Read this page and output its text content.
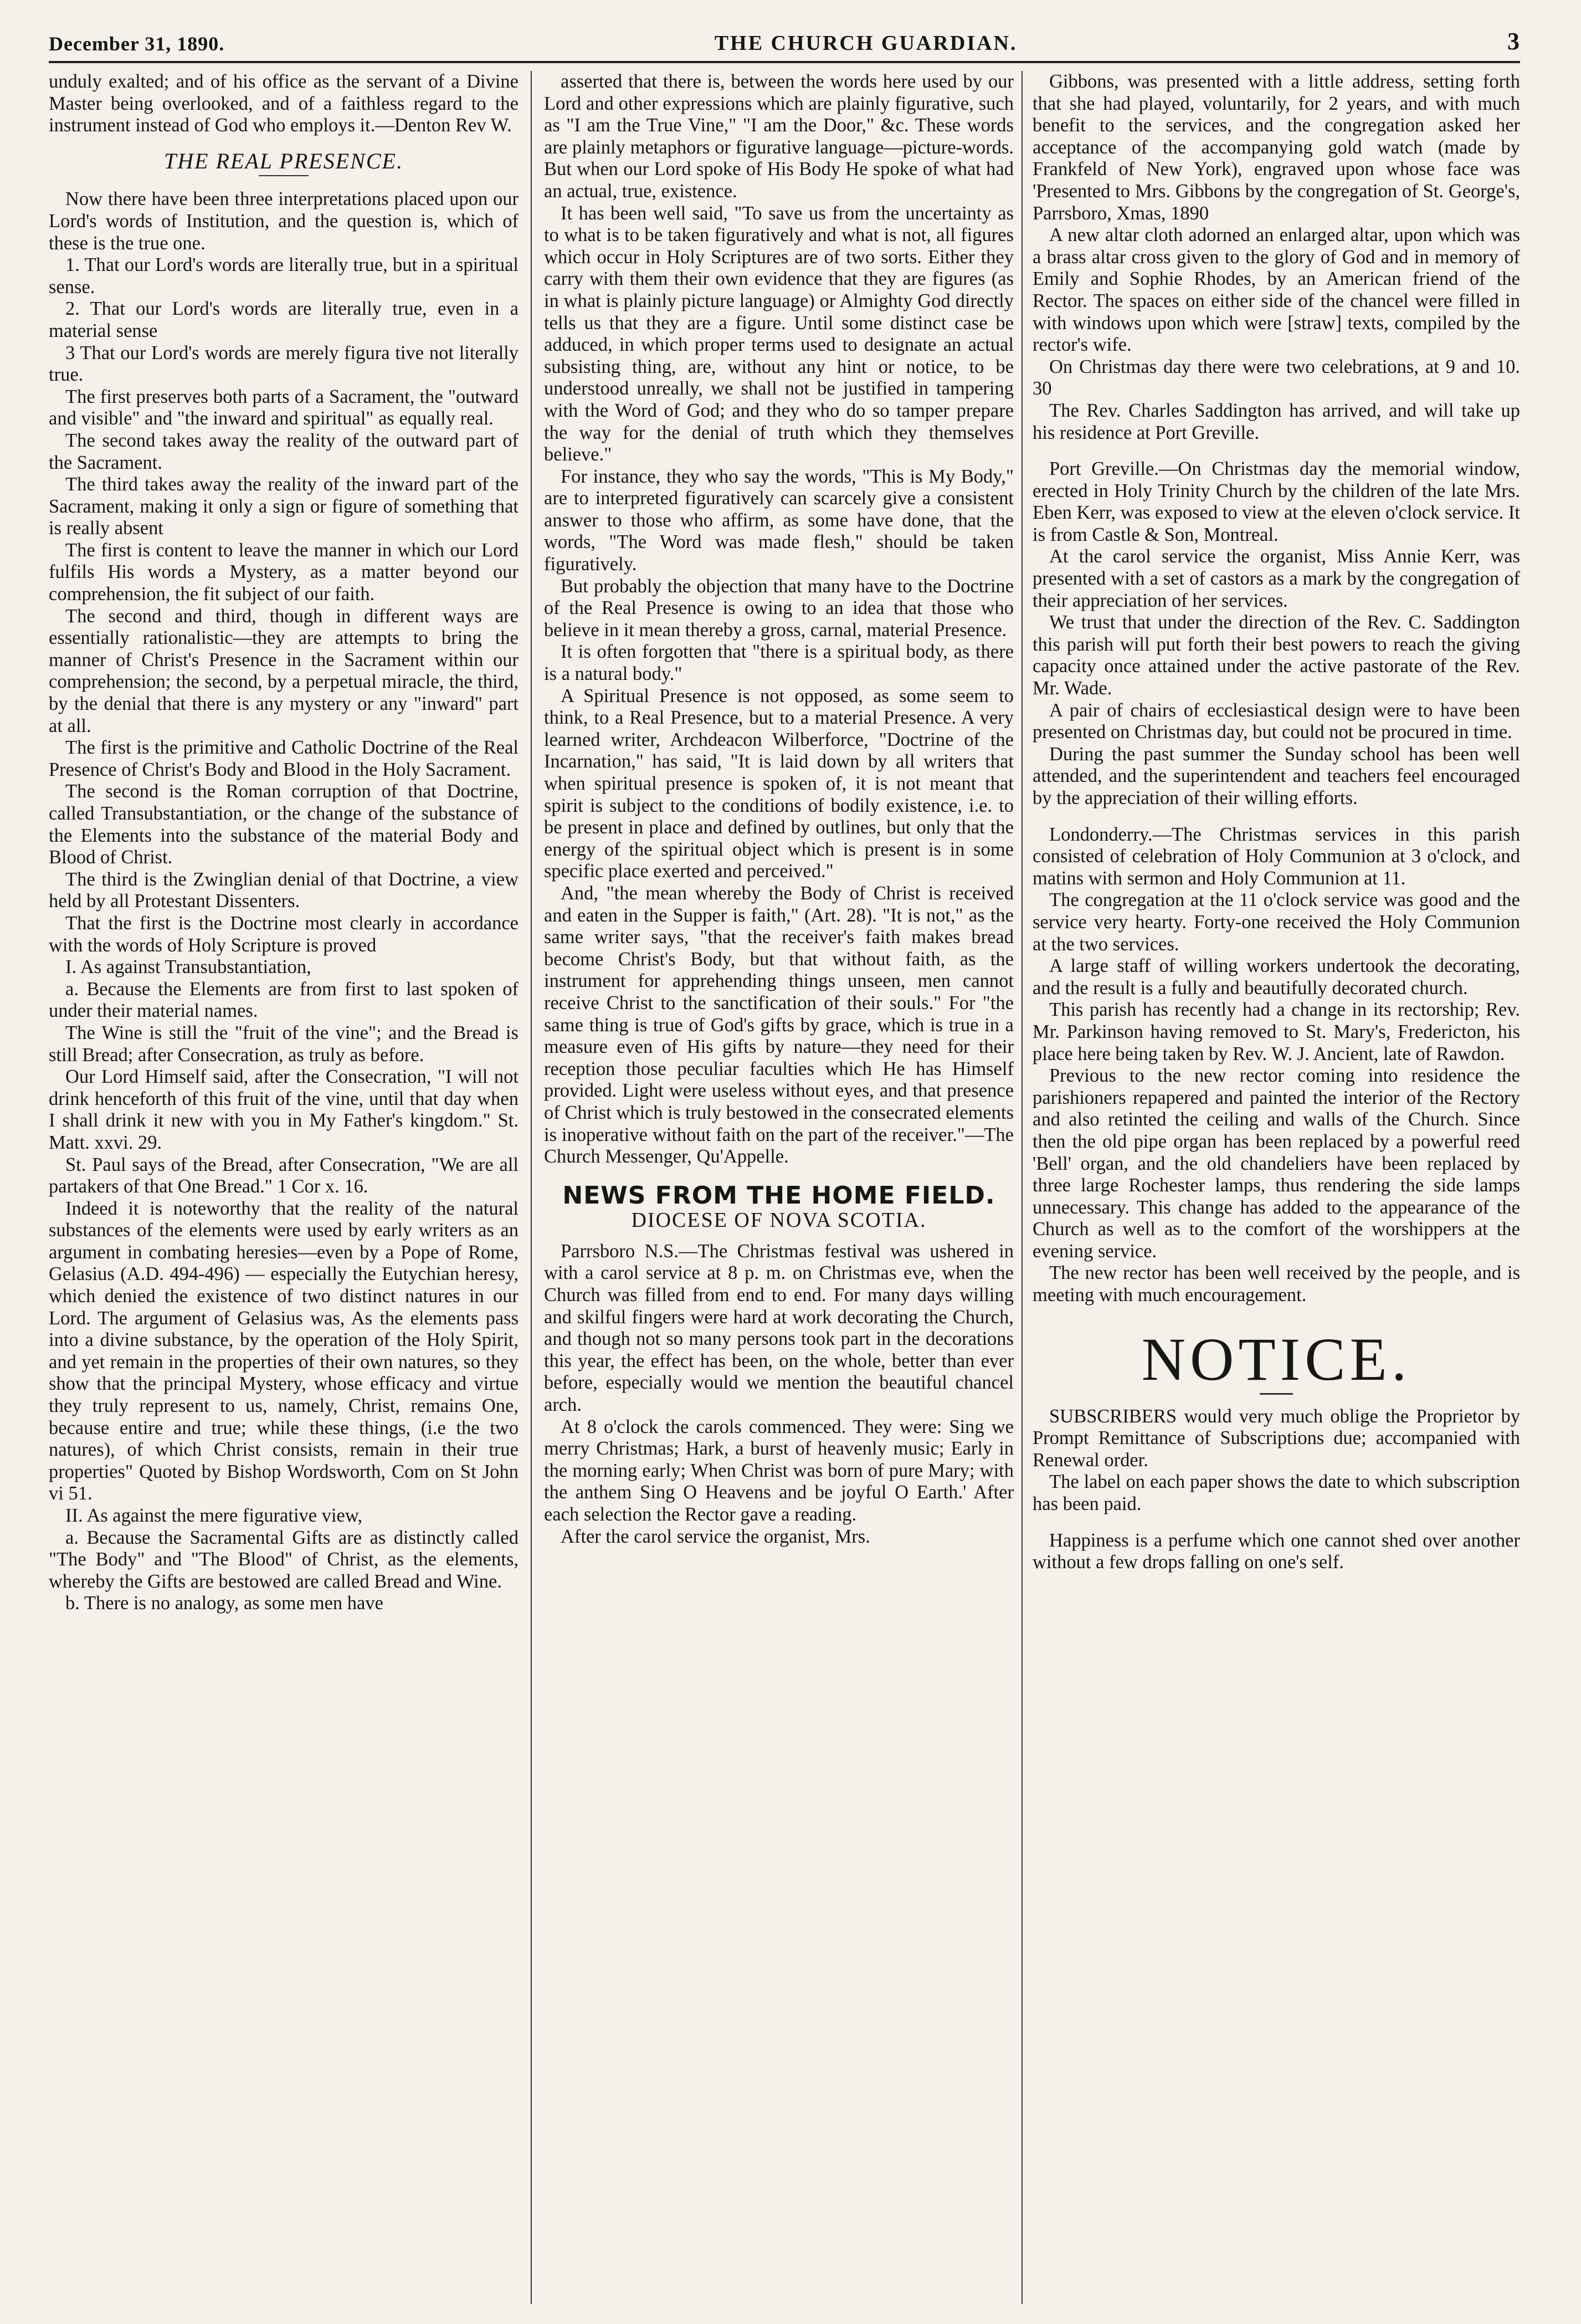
December 31, 1890.	THE CHURCH GUARDIAN.	3

unduly exalted; and of his office as the servant of a Divine Master being overlooked, and of a faithless regard to the instrument instead of God who employs it.—Denton Rev W.

THE REAL PRESENCE.

Now there have been three interpretations placed upon our Lord's words of Institution, and the question is, which of these is the true one.

1. That our Lord's words are literally true, but in a spiritual sense.

2. That our Lord's words are literally true, even in a material sense

3 That our Lord's words are merely figura tive not literally true.

The first preserves both parts of a Sacrament, the "outward and visible" and "the inward and spiritual" as equally real.

The second takes away the reality of the outward part of the Sacrament.

The third takes away the reality of the inward part of the Sacrament, making it only a sign or figure of something that is really absent

The first is content to leave the manner in which our Lord fulfils His words a Mystery, as a matter beyond our comprehension, the fit subject of our faith.

The second and third, though in different ways are essentially rationalistic—they are attempts to bring the manner of Christ's Presence in the Sacrament within our comprehension; the second, by a perpetual miracle, the third, by the denial that there is any mystery or any "inward" part at all.

The first is the primitive and Catholic Doctrine of the Real Presence of Christ's Body and Blood in the Holy Sacrament.

The second is the Roman corruption of that Doctrine, called Transubstantiation, or the change of the substance of the Elements into the substance of the material Body and Blood of Christ.

The third is the Zwinglian denial of that Doctrine, a view held by all Protestant Dissenters.

That the first is the Doctrine most clearly in accordance with the words of Holy Scripture is proved

I. As against Transubstantiation,

a. Because the Elements are from first to last spoken of under their material names.

The Wine is still the "fruit of the vine"; and the Bread is still Bread; after Consecration, as truly as before.

Our Lord Himself said, after the Consecration, "I will not drink henceforth of this fruit of the vine, until that day when I shall drink it new with you in My Father's kingdom." St. Matt. xxvi. 29.

St. Paul says of the Bread, after Consecration, "We are all partakers of that One Bread." 1 Cor x. 16.

Indeed it is noteworthy that the reality of the natural substances of the elements were used by early writers as an argument in combating heresies—even by a Pope of Rome, Gelasius (A.D. 494-496) — especially the Eutychian heresy, which denied the existence of two distinct natures in our Lord. The argument of Gelasius was, As the elements pass into a divine substance, by the operation of the Holy Spirit, and yet remain in the properties of their own natures, so they show that the principal Mystery, whose efficacy and virtue they truly represent to us, namely, Christ, remains One, because entire and true; while these things, (i.e the two natures), of which Christ consists, remain in their true properties" Quoted by Bishop Wordsworth, Com on St John vi 51.

II. As against the mere figurative view,

a. Because the Sacramental Gifts are as distinctly called "The Body" and "The Blood" of Christ, as the elements, whereby the Gifts are bestowed are called Bread and Wine.

b. There is no analogy, as some men have

asserted that there is, between the words here used by our Lord and other expressions which are plainly figurative, such as "I am the True Vine," "I am the Door," &c. These words are plainly metaphors or figurative language—picture-words. But when our Lord spoke of His Body He spoke of what had an actual, true, existence.

It has been well said, "To save us from the uncertainty as to what is to be taken figuratively and what is not, all figures which occur in Holy Scriptures are of two sorts. Either they carry with them their own evidence that they are figures (as in what is plainly picture language) or Almighty God directly tells us that they are a figure. Until some distinct case be adduced, in which proper terms used to designate an actual subsisting thing, are, without any hint or notice, to be understood unreally, we shall not be justified in tampering with the Word of God; and they who do so tamper prepare the way for the denial of truth which they themselves believe."

For instance, they who say the words, "This is My Body," are to interpreted figuratively can scarcely give a consistent answer to those who affirm, as some have done, that the words, "The Word was made flesh," should be taken figuratively.

But probably the objection that many have to the Doctrine of the Real Presence is owing to an idea that those who believe in it mean thereby a gross, carnal, material Presence.

It is often forgotten that "there is a spiritual body, as there is a natural body."

A Spiritual Presence is not opposed, as some seem to think, to a Real Presence, but to a material Presence. A very learned writer, Archdeacon Wilberforce, "Doctrine of the Incarnation," has said, "It is laid down by all writers that when spiritual presence is spoken of, it is not meant that spirit is subject to the conditions of bodily existence, i.e. to be present in place and defined by outlines, but only that the energy of the spiritual object which is present is in some specific place exerted and perceived."

And, "the mean whereby the Body of Christ is received and eaten in the Supper is faith," (Art. 28). "It is not," as the same writer says, "that the receiver's faith makes bread become Christ's Body, but that without faith, as the instrument for apprehending things unseen, men cannot receive Christ to the sanctification of their souls." For "the same thing is true of God's gifts by grace, which is true in a measure even of His gifts by nature—they need for their reception those peculiar faculties which He has Himself provided. Light were useless without eyes, and that presence of Christ which is truly bestowed in the consecrated elements is inoperative without faith on the part of the receiver."—The Church Messenger, Qu'Appelle.

NEWS FROM THE HOME FIELD.
DIOCESE OF NOVA SCOTIA.

Parrsboro N.S.—The Christmas festival was ushered in with a carol service at 8 p. m. on Christmas eve, when the Church was filled from end to end. For many days willing and skilful fingers were hard at work decorating the Church, and though not so many persons took part in the decorations this year, the effect has been, on the whole, better than ever before, especially would we mention the beautiful chancel arch.

At 8 o'clock the carols commenced. They were: Sing we merry Christmas; Hark, a burst of heavenly music; Early in the morning early; When Christ was born of pure Mary; with the anthem Sing O Heavens and be joyful O Earth.' After each selection the Rector gave a reading.

After the carol service the organist, Mrs.

Gibbons, was presented with a little address, setting forth that she had played, voluntarily, for 2 years, and with much benefit to the services, and the congregation asked her acceptance of the accompanying gold watch (made by Frankfeld of New York), engraved upon whose face was 'Presented to Mrs. Gibbons by the congregation of St. George's, Parrsboro, Xmas, 1890

A new altar cloth adorned an enlarged altar, upon which was a brass altar cross given to the glory of God and in memory of Emily and Sophie Rhodes, by an American friend of the Rector. The spaces on either side of the chancel were filled in with windows upon which were [straw] texts, compiled by the rector's wife.

On Christmas day there were two celebrations, at 9 and 10. 30

The Rev. Charles Saddington has arrived, and will take up his residence at Port Greville.

Port Greville.—On Christmas day the memorial window, erected in Holy Trinity Church by the children of the late Mrs. Eben Kerr, was exposed to view at the eleven o'clock service. It is from Castle & Son, Montreal.

At the carol service the organist, Miss Annie Kerr, was presented with a set of castors as a mark by the congregation of their appreciation of her services.

We trust that under the direction of the Rev. C. Saddington this parish will put forth their best powers to reach the giving capacity once attained under the active pastorate of the Rev. Mr. Wade.

A pair of chairs of ecclesiastical design were to have been presented on Christmas day, but could not be procured in time.

During the past summer the Sunday school has been well attended, and the superintendent and teachers feel encouraged by the appreciation of their willing efforts.

Londonderry.—The Christmas services in this parish consisted of celebration of Holy Communion at 3 o'clock, and matins with sermon and Holy Communion at 11.

The congregation at the 11 o'clock service was good and the service very hearty. Forty-one received the Holy Communion at the two services.

A large staff of willing workers undertook the decorating, and the result is a fully and beautifully decorated church.

This parish has recently had a change in its rectorship; Rev. Mr. Parkinson having removed to St. Mary's, Fredericton, his place here being taken by Rev. W. J. Ancient, late of Rawdon.

Previous to the new rector coming into residence the parishioners repapered and painted the interior of the Rectory and also retinted the ceiling and walls of the Church. Since then the old pipe organ has been replaced by a powerful reed 'Bell' organ, and the old chandeliers have been replaced by three large Rochester lamps, thus rendering the side lamps unnecessary. This change has added to the appearance of the Church as well as to the comfort of the worshippers at the evening service.

The new rector has been well received by the people, and is meeting with much encouragement.

NOTICE.

SUBSCRIBERS would very much oblige the Proprietor by Prompt Remittance of Subscriptions due; accompanied with Renewal order.

The label on each paper shows the date to which subscription has been paid.

Happiness is a perfume which one cannot shed over another without a few drops falling on one's self.
